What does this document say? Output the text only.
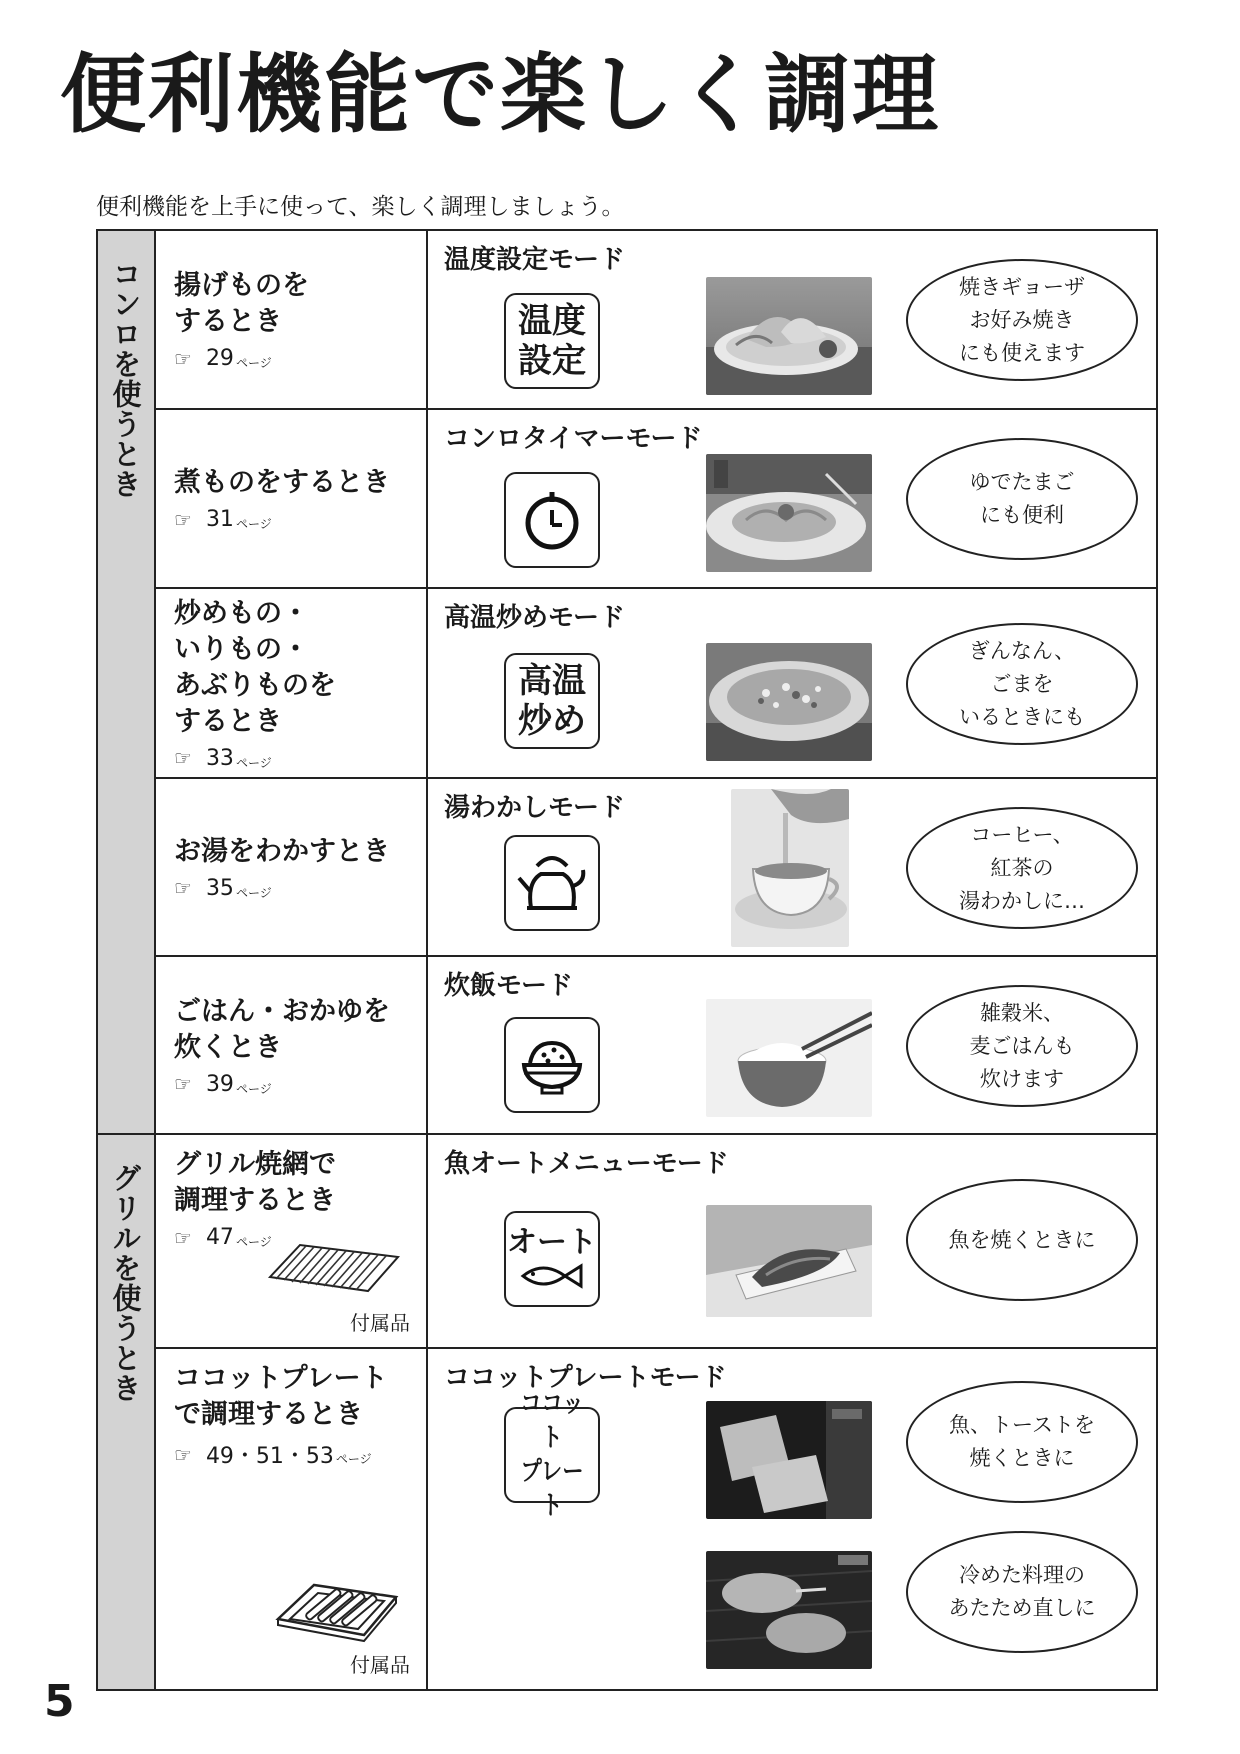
便利機能で楽しく調理
便利機能を上手に使って、楽しく調理しましょう。
コンロを使うとき
グリルを使うとき
揚げものを
するとき
☞ 29 ページ
温度設定モード
温度
設定
焼きギョーザ
お好み焼き
にも使えます
煮ものをするとき
☞ 31 ページ
コンロタイマーモード
ゆでたまご
にも便利
炒めもの・
いりもの・
あぶりものを
するとき
☞ 33 ページ
高温炒めモード
高温
炒め
ぎんなん、
ごまを
いるときにも
お湯をわかすとき
☞ 35 ページ
湯わかしモード
コーヒー、
紅茶の
湯わかしに…
ごはん・おかゆを
炊くとき
☞ 39 ページ
炊飯モード
雑穀米、
麦ごはんも
炊けます
グリル焼網で
調理するとき
☞ 47 ページ
付属品
魚オートメニューモード
オート	魚を焼くときに
ココットプレート
で調理するとき
☞ 49・51・53 ページ
付属品
ココットプレートモード
ココット
プレート
魚、トーストを
焼くときに
冷めた料理の
あたため直しに
5
